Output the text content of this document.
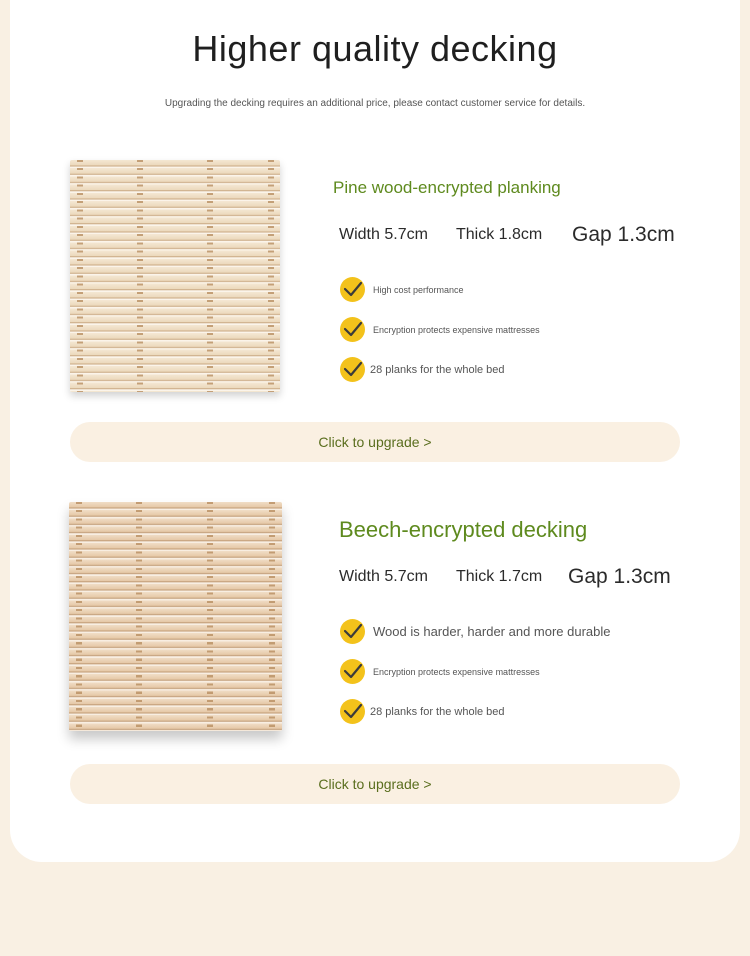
Higher quality decking
Upgrading the decking requires an additional price, please contact customer service for details.
Pine wood-encrypted planking
Width 5.7cm Thick 1.8cm Gap 1.3cm
High cost performance
Encryption protects expensive mattresses
28 planks for the whole bed
Click to upgrade >
Beech-encrypted decking
Width 5.7cm Thick 1.7cm Gap 1.3cm
Wood is harder, harder and more durable
Encryption protects expensive mattresses
28 planks for the whole bed
Click to upgrade >
